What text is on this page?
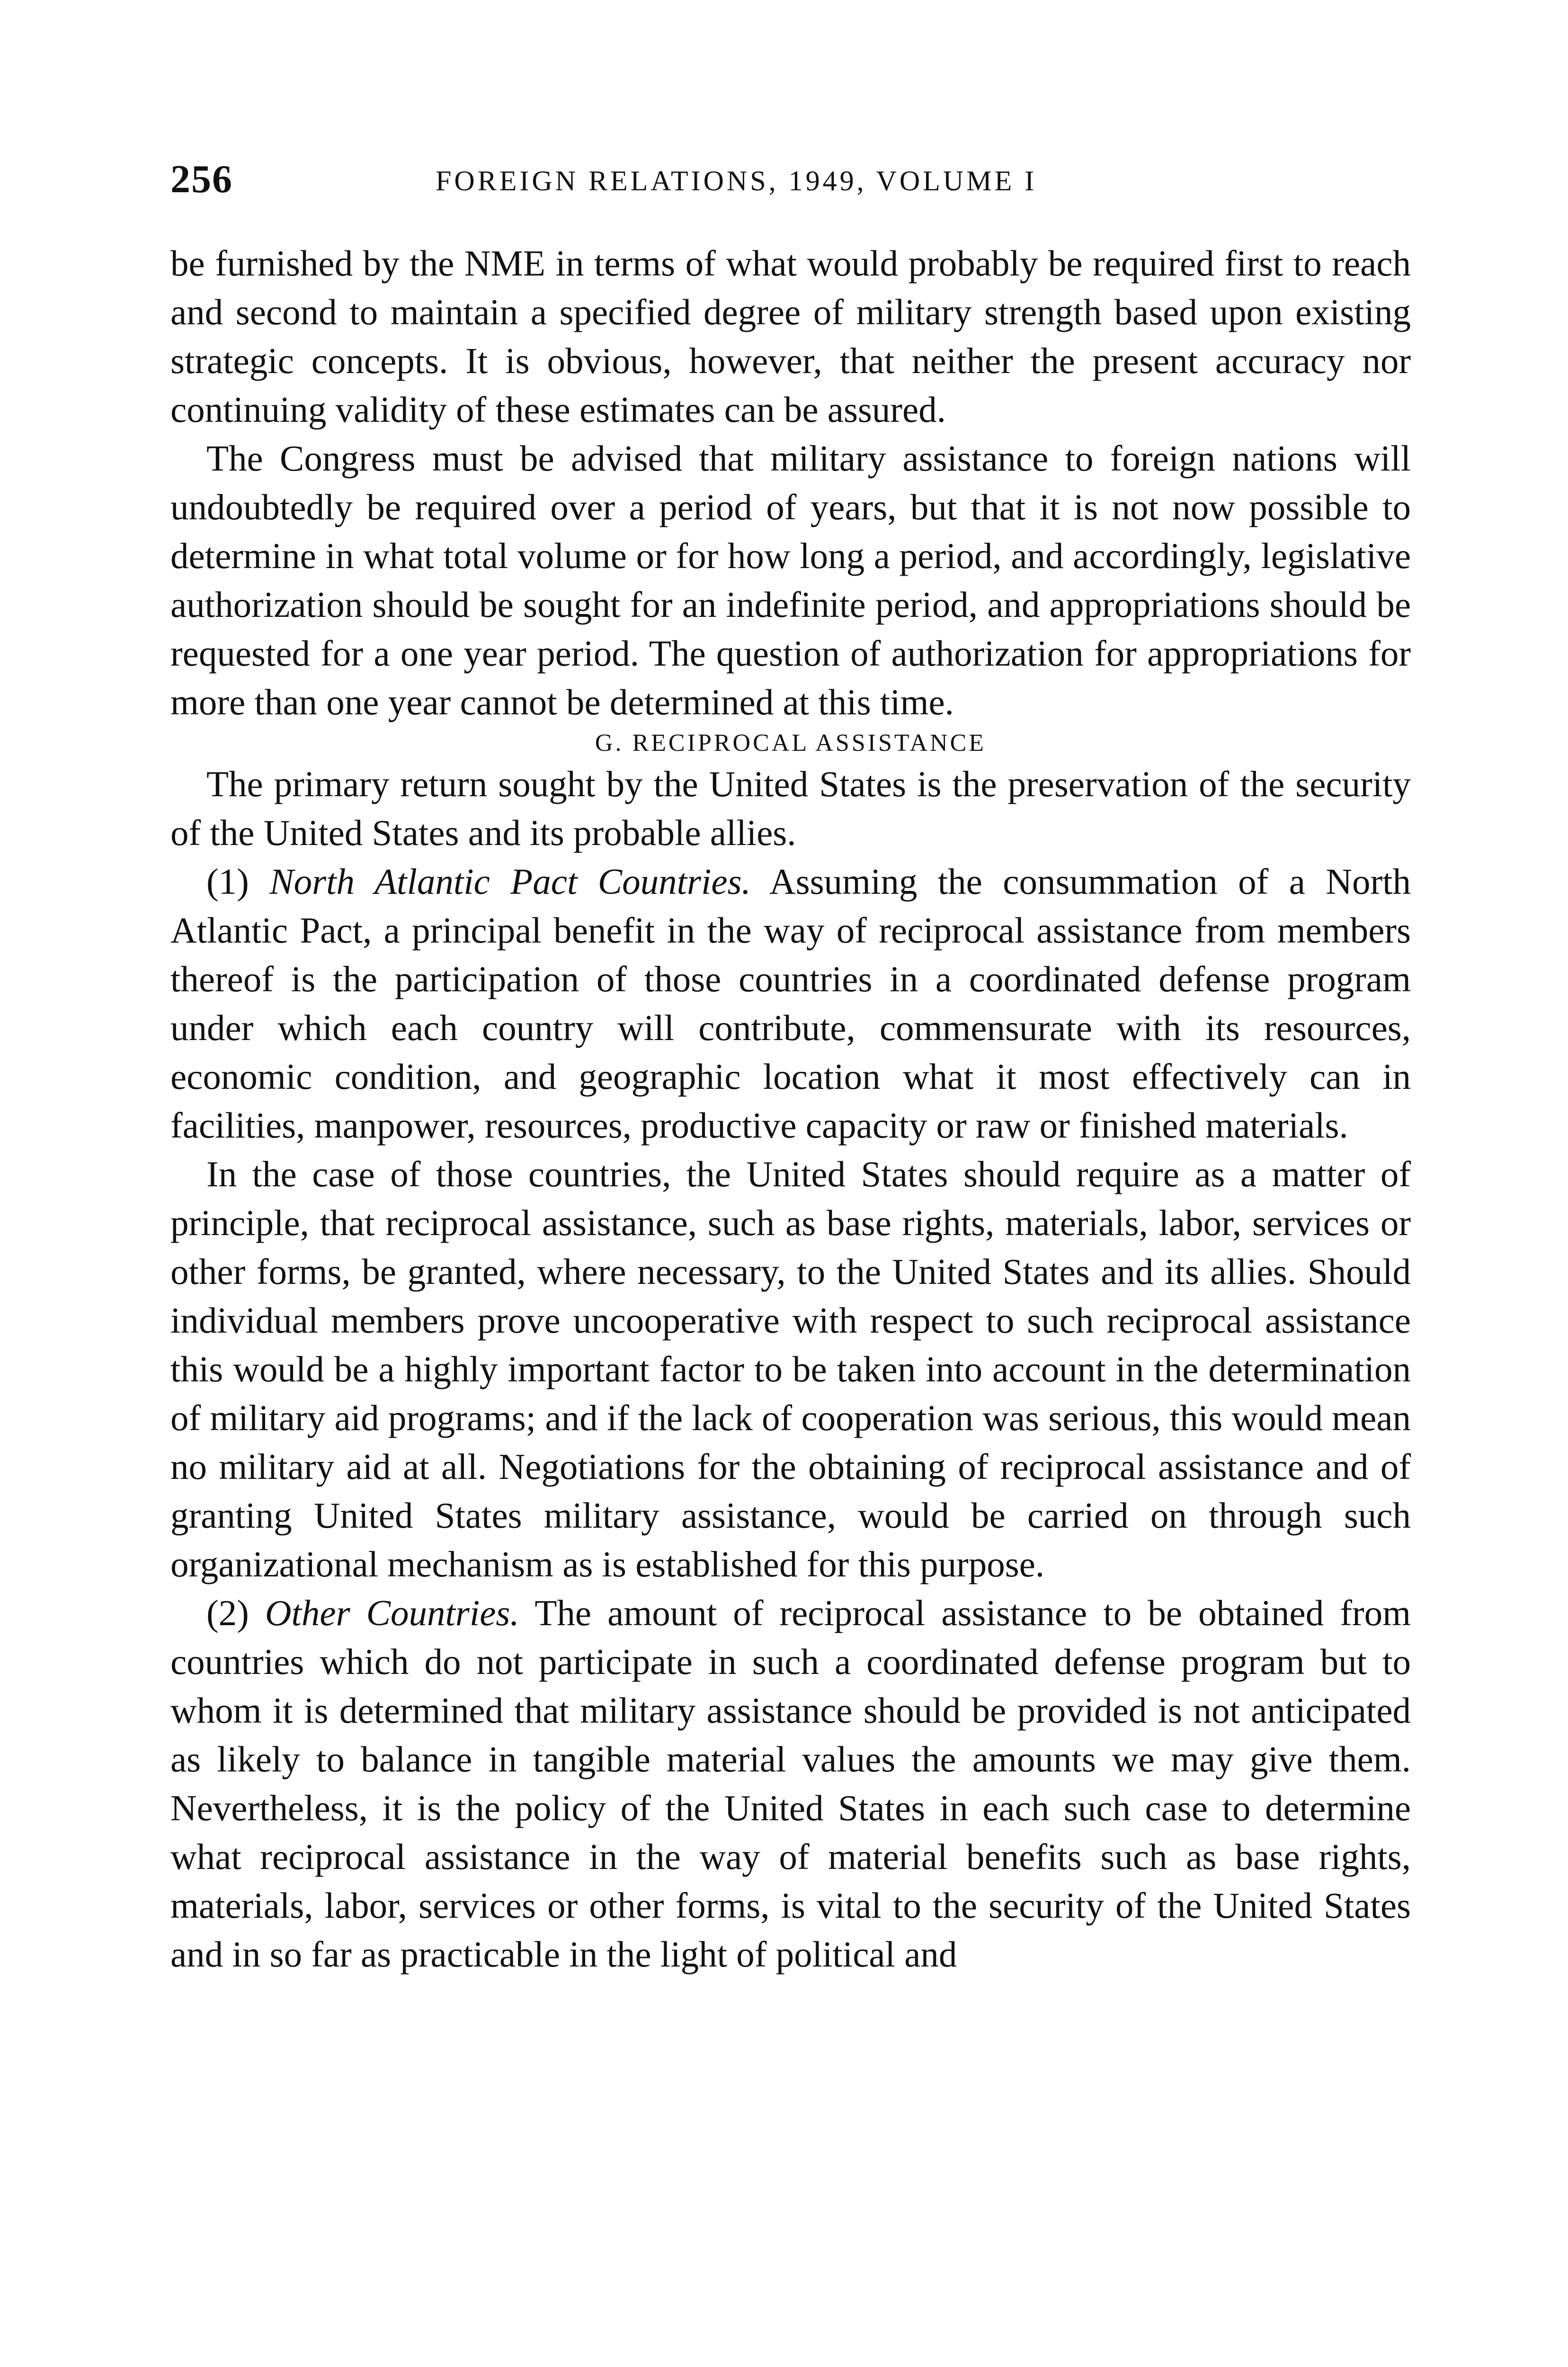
256	FOREIGN RELATIONS, 1949, VOLUME I

be furnished by the NME in terms of what would probably be required first to reach and second to maintain a specified degree of military strength based upon existing strategic concepts. It is obvious, however, that neither the present accuracy nor continuing validity of these estimates can be assured.

The Congress must be advised that military assistance to foreign nations will undoubtedly be required over a period of years, but that it is not now possible to determine in what total volume or for how long a period, and accordingly, legislative authorization should be sought for an indefinite period, and appropriations should be requested for a one year period. The question of authorization for appropriations for more than one year cannot be determined at this time.

G. RECIPROCAL ASSISTANCE

The primary return sought by the United States is the preservation of the security of the United States and its probable allies.

(1) North Atlantic Pact Countries. Assuming the consummation of a North Atlantic Pact, a principal benefit in the way of reciprocal assistance from members thereof is the participation of those countries in a coordinated defense program under which each country will contribute, commensurate with its resources, economic condition, and geographic location what it most effectively can in facilities, manpower, resources, productive capacity or raw or finished materials.

In the case of those countries, the United States should require as a matter of principle, that reciprocal assistance, such as base rights, materials, labor, services or other forms, be granted, where necessary, to the United States and its allies. Should individual members prove uncooperative with respect to such reciprocal assistance this would be a highly important factor to be taken into account in the determination of military aid programs; and if the lack of cooperation was serious, this would mean no military aid at all. Negotiations for the obtaining of reciprocal assistance and of granting United States military assistance, would be carried on through such organizational mechanism as is established for this purpose.

(2) Other Countries. The amount of reciprocal assistance to be obtained from countries which do not participate in such a coordinated defense program but to whom it is determined that military assistance should be provided is not anticipated as likely to balance in tangible material values the amounts we may give them. Nevertheless, it is the policy of the United States in each such case to determine what reciprocal assistance in the way of material benefits such as base rights, materials, labor, services or other forms, is vital to the security of the United States and in so far as practicable in the light of political and
